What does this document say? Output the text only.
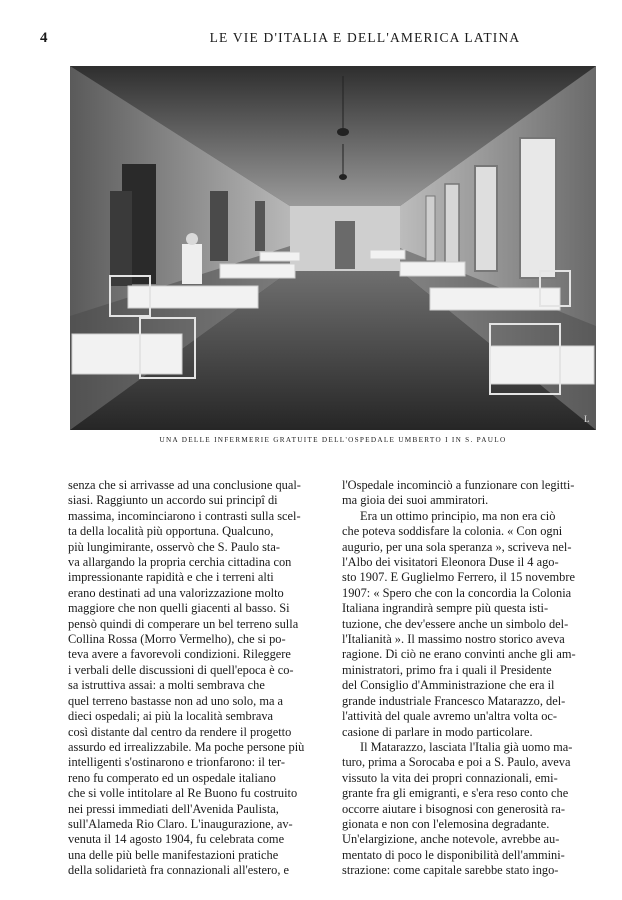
4	LE VIE D'ITALIA E DELL'AMERICA LATINA
L
UNA DELLE INFERMERIE GRATUITE DELL'OSPEDALE UMBERTO I IN S. PAULO

senza che si arrivasse ad una conclusione qual-
siasi. Raggiunto un accordo sui principî di
massima, incominciarono i contrasti sulla scel-
ta della località più opportuna. Qualcuno,
più lungimirante, osservò che S. Paulo sta-
va allargando la propria cerchia cittadina con
impressionante rapidità e che i terreni alti
erano destinati ad una valorizzazione molto
maggiore che non quelli giacenti al basso. Si
pensò quindi di comperare un bel terreno sulla
Collina Rossa (Morro Vermelho), che si po-
teva avere a favorevoli condizioni. Rileggere
i verbali delle discussioni di quell'epoca è co-
sa istruttiva assai: a molti sembrava che
quel terreno bastasse non ad uno solo, ma a
dieci ospedali; ai più la località sembrava
così distante dal centro da rendere il progetto
assurdo ed irrealizzabile. Ma poche persone più
intelligenti s'ostinarono e trionfarono: il ter-
reno fu comperato ed un ospedale italiano
che si volle intitolare al Re Buono fu costruito
nei pressi immediati dell'Avenida Paulista,
sull'Alameda Rio Claro. L'inaugurazione, av-
venuta il 14 agosto 1904, fu celebrata come
una delle più belle manifestazioni pratiche
della solidarietà fra connazionali all'estero, e

l'Ospedale incominciò a funzionare con legitti-
ma gioia dei suoi ammiratori.

Era un ottimo principio, ma non era ciò
che poteva soddisfare la colonia. « Con ogni
augurio, per una sola speranza », scriveva nel-
l'Albo dei visitatori Eleonora Duse il 4 ago-
sto 1907. E Guglielmo Ferrero, il 15 novembre
1907: « Spero che con la concordia la Colonia
Italiana ingrandirà sempre più questa isti-
tuzione, che dev'essere anche un simbolo del-
l'Italianità ». Il massimo nostro storico aveva
ragione. Di ciò ne erano convinti anche gli am-
ministratori, primo fra i quali il Presidente
del Consiglio d'Amministrazione che era il
grande industriale Francesco Matarazzo, del-
l'attività del quale avremo un'altra volta oc-
casione di parlare in modo particolare.

Il Matarazzo, lasciata l'Italia già uomo ma-
turo, prima a Sorocaba e poi a S. Paulo, aveva
vissuto la vita dei propri connazionali, emi-
grante fra gli emigranti, e s'era reso conto che
occorre aiutare i bisognosi con generosità ra-
gionata e non con l'elemosina degradante.
Un'elargizione, anche notevole, avrebbe au-
mentato di poco le disponibilità dell'ammini-
strazione: come capitale sarebbe stato ingo-
